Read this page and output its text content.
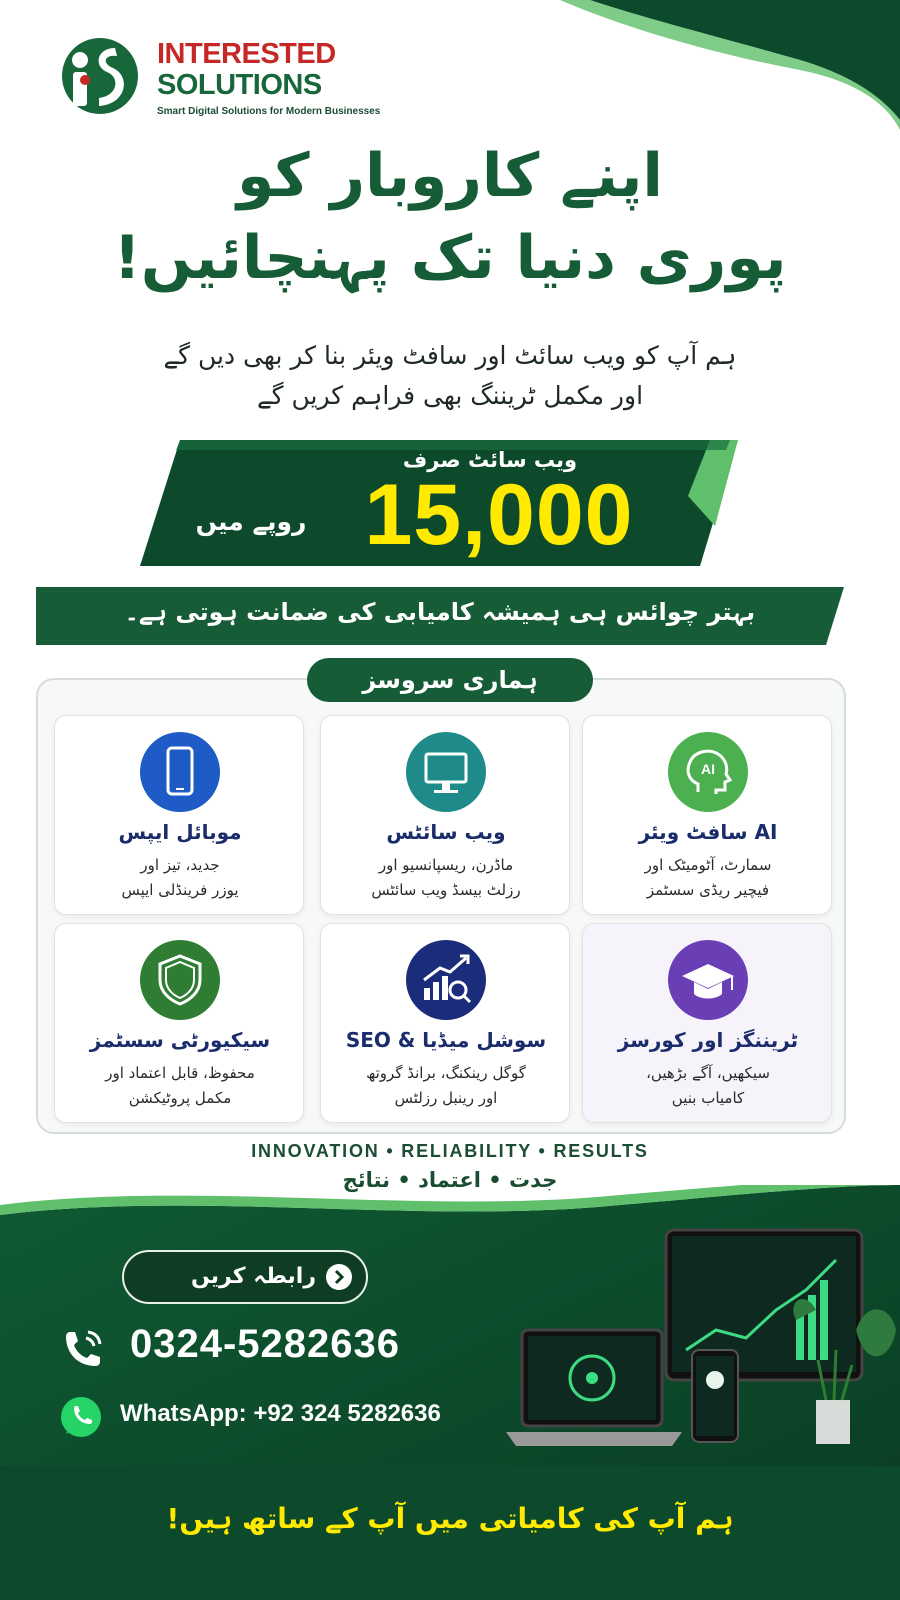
INTERESTED
SOLUTIONS
Smart Digital Solutions for Modern Businesses
اپنے کاروبار کو
پوری دنیا تک پہنچائیں!
ہم آپ کو ویب سائٹ اور سافٹ ویئر بنا کر بھی دیں گے
اور مکمل ٹریننگ بھی فراہم کریں گے
ویب سائٹ صرف
15,000
روپے میں
بہتر چوائس ہی ہمیشہ کامیابی کی ضمانت ہوتی ہے۔
ہماری سروسز
AI
AI سافٹ ویئر
سمارٹ، آٹومیٹک اور
فیچیر ریڈی سسٹمز
ویب سائٹس
ماڈرن، ریسپانسیو اور
رزلٹ بیسڈ ویب سائٹس
موبائل ایپس
جدید، تیز اور
یوزر فرینڈلی ایپس
ٹریننگز اور کورسز
سیکھیں، آگے بڑھیں،
کامیاب بنیں
سوشل میڈیا & SEO
گوگل رینکنگ، برانڈ گروتھ
اور رینبل رزلٹس
سیکیورٹی سسٹمز
محفوظ، قابل اعتماد اور
مکمل پروٹیکشن
INNOVATION • RELIABILITY • RESULTS
جدت • اعتماد • نتائج
رابطہ کریں
0324-5282636
WhatsApp: +92 324 5282636
ہم آپ کی کامیاتی میں آپ کے ساتھ ہیں!
